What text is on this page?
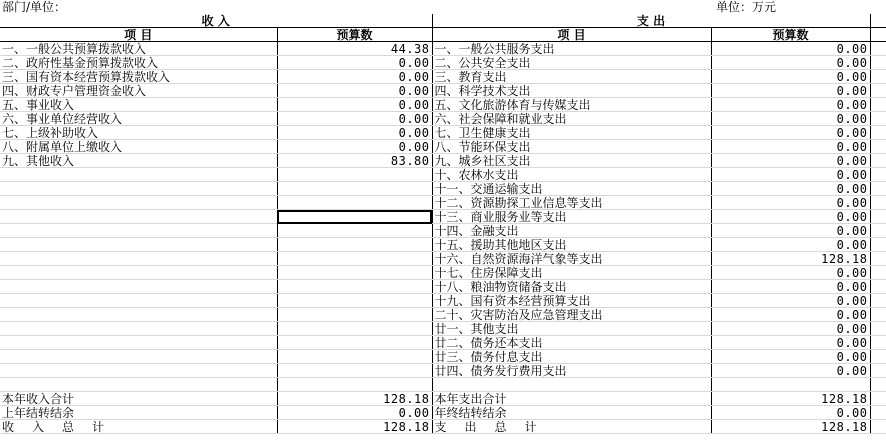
部门/单位：	单位：万元
收 入		支 出		
项 目	预算数	项 目	预算数	
一、一般公共预算拨款收入	44.38	一、一般公共服务支出	0.00	
二、政府性基金预算拨款收入	0.00	二、公共安全支出	0.00	
三、国有资本经营预算拨款收入	0.00	三、教育支出	0.00	
四、财政专户管理资金收入	0.00	四、科学技术支出	0.00	
五、事业收入	0.00	五、文化旅游体育与传媒支出	0.00	
六、事业单位经营收入	0.00	六、社会保障和就业支出	0.00	
七、上级补助收入	0.00	七、卫生健康支出	0.00	
八、附属单位上缴收入	0.00	八、节能环保支出	0.00	
九、其他收入	83.80	九、城乡社区支出	0.00	
		十、农林水支出	0.00	
		十一、交通运输支出	0.00	
		十二、资源勘探工业信息等支出	0.00	
		十三、商业服务业等支出	0.00	
		十四、金融支出	0.00	
		十五、援助其他地区支出	0.00	
		十六、自然资源海洋气象等支出	128.18	
		十七、住房保障支出	0.00	
		十八、粮油物资储备支出	0.00	
		十九、国有资本经营预算支出	0.00	
		二十、灾害防治及应急管理支出	0.00	
		廿一、其他支出	0.00	
		廿二、债务还本支出	0.00	
		廿三、债务付息支出	0.00	
		廿四、债务发行费用支出	0.00	

本年收入合计	128.18	本年支出合计	128.18	
上年结转结余	0.00	年终结转结余	0.00	
收入总计	128.18	支出总计	128.18	
